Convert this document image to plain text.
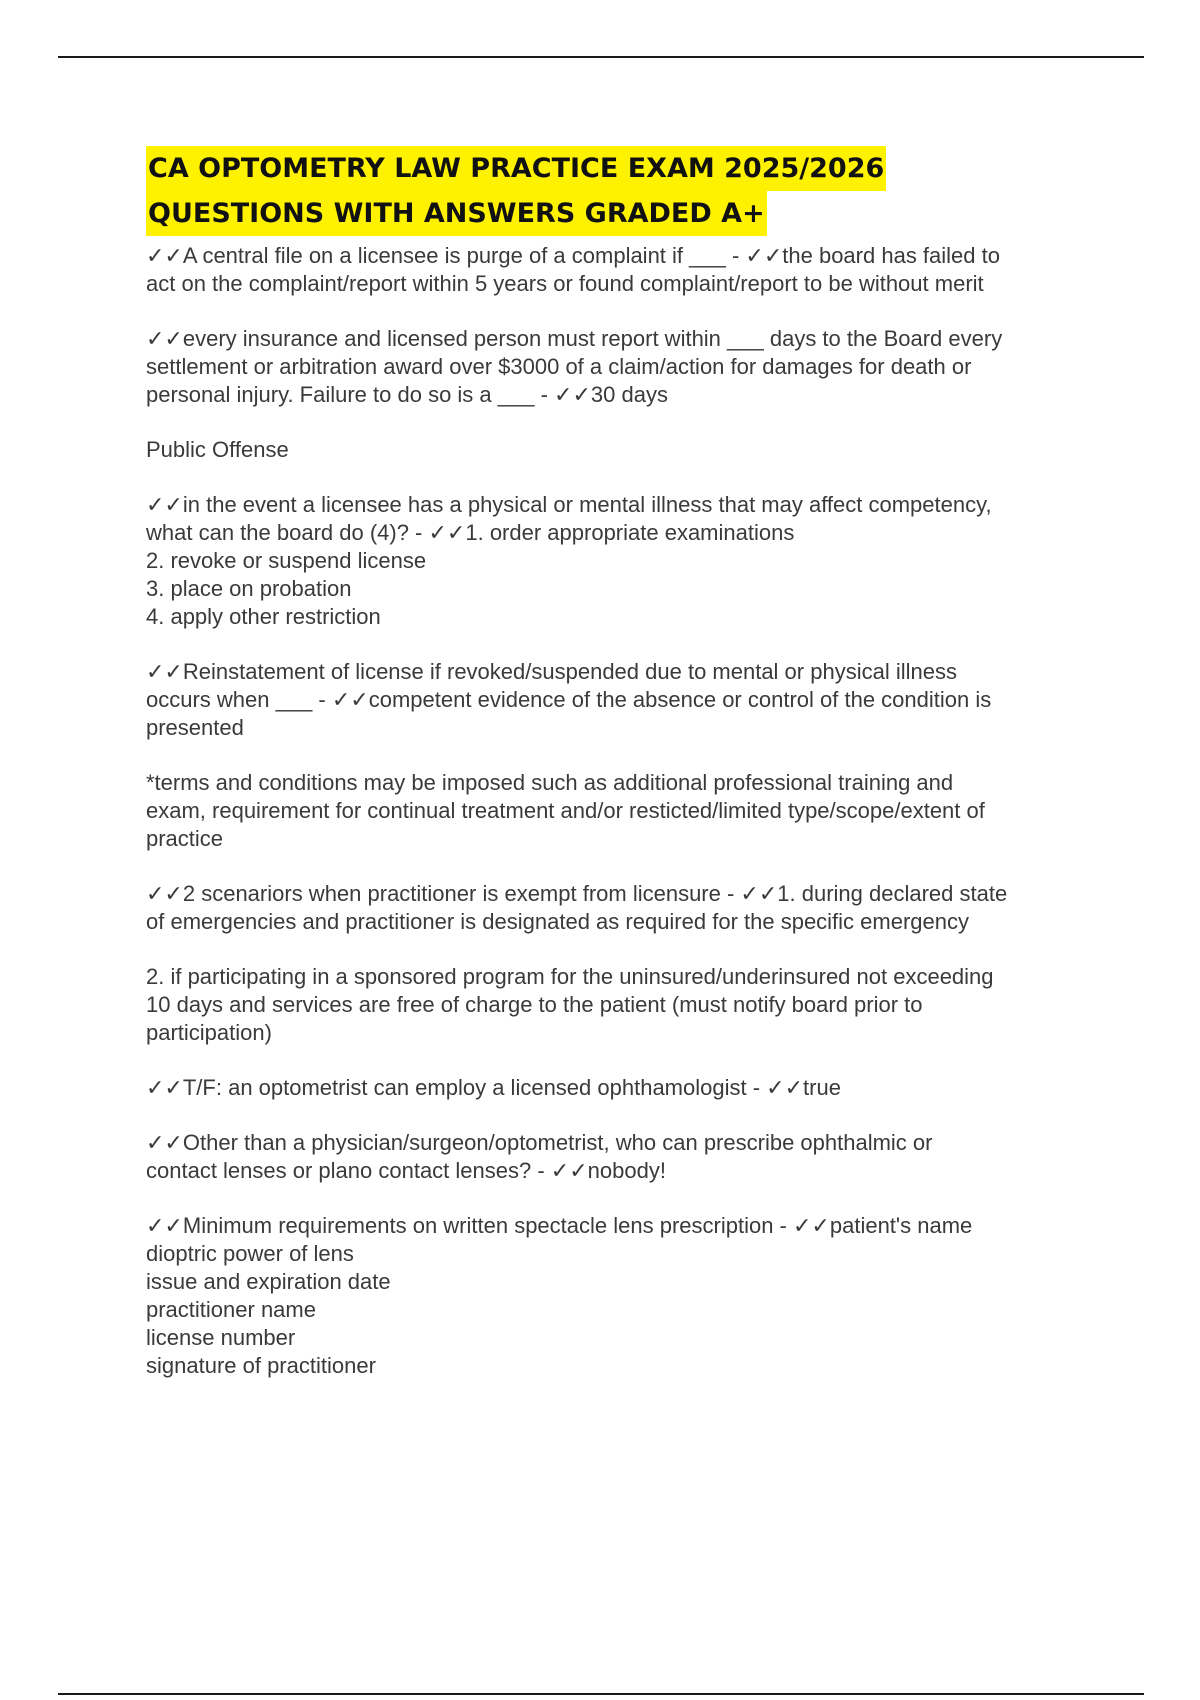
CA OPTOMETRY LAW PRACTICE EXAM 2025/2026
QUESTIONS WITH ANSWERS GRADED A+

✓✓A central file on a licensee is purge of a complaint if ___ - ✓✓the board has failed to
act on the complaint/report within 5 years or found complaint/report to be without merit

✓✓every insurance and licensed person must report within ___ days to the Board every
settlement or arbitration award over $3000 of a claim/action for damages for death or
personal injury. Failure to do so is a ___ - ✓✓30 days

Public Offense

✓✓in the event a licensee has a physical or mental illness that may affect competency,
what can the board do (4)? - ✓✓1. order appropriate examinations
2. revoke or suspend license
3. place on probation
4. apply other restriction

✓✓Reinstatement of license if revoked/suspended due to mental or physical illness
occurs when ___ - ✓✓competent evidence of the absence or control of the condition is
presented

*terms and conditions may be imposed such as additional professional training and
exam, requirement for continual treatment and/or resticted/limited type/scope/extent of
practice

✓✓2 scenariors when practitioner is exempt from licensure - ✓✓1. during declared state
of emergencies and practitioner is designated as required for the specific emergency

2. if participating in a sponsored program for the uninsured/underinsured not exceeding
10 days and services are free of charge to the patient (must notify board prior to
participation)

✓✓T/F: an optometrist can employ a licensed ophthamologist - ✓✓true

✓✓Other than a physician/surgeon/optometrist, who can prescribe ophthalmic or
contact lenses or plano contact lenses? - ✓✓nobody!

✓✓Minimum requirements on written spectacle lens prescription - ✓✓patient's name
dioptric power of lens
issue and expiration date
practitioner name
license number
signature of practitioner
